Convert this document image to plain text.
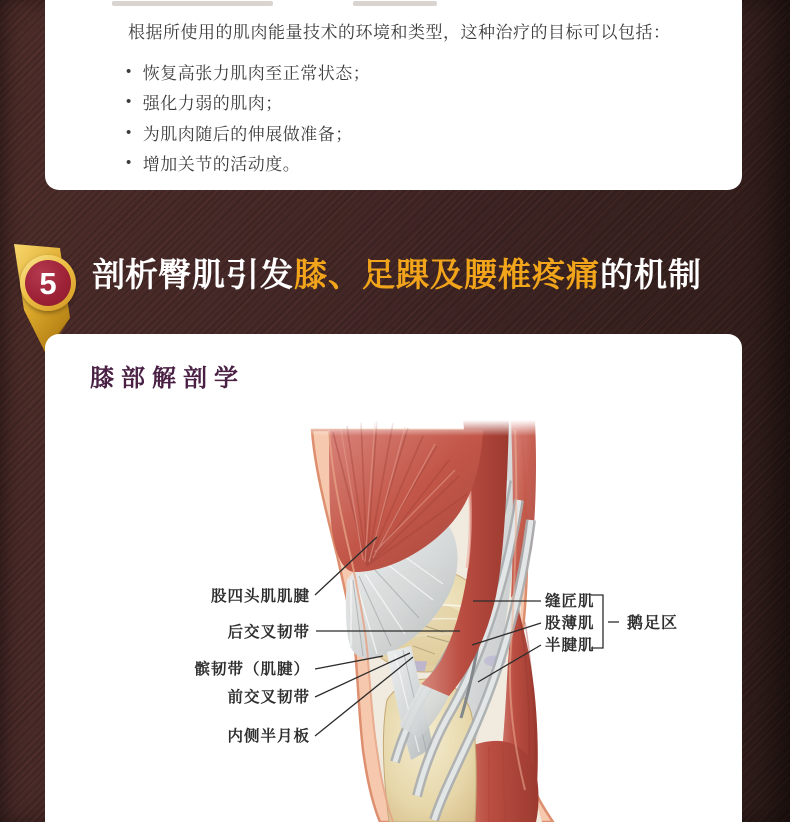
根据所使用的肌肉能量技术的环境和类型，这种治疗的目标可以包括：

• 恢复高张力肌肉至正常状态；
• 强化力弱的肌肉；
• 为肌肉随后的伸展做准备；
• 增加关节的活动度。
5	剖析臀肌引发膝、足踝及腰椎疼痛的机制
膝部解剖学
股四头肌肌腱
后交叉韧带
髌韧带（肌腱）
前交叉韧带
内侧半月板
缝匠肌
股薄肌
半腱肌
鹅足区
